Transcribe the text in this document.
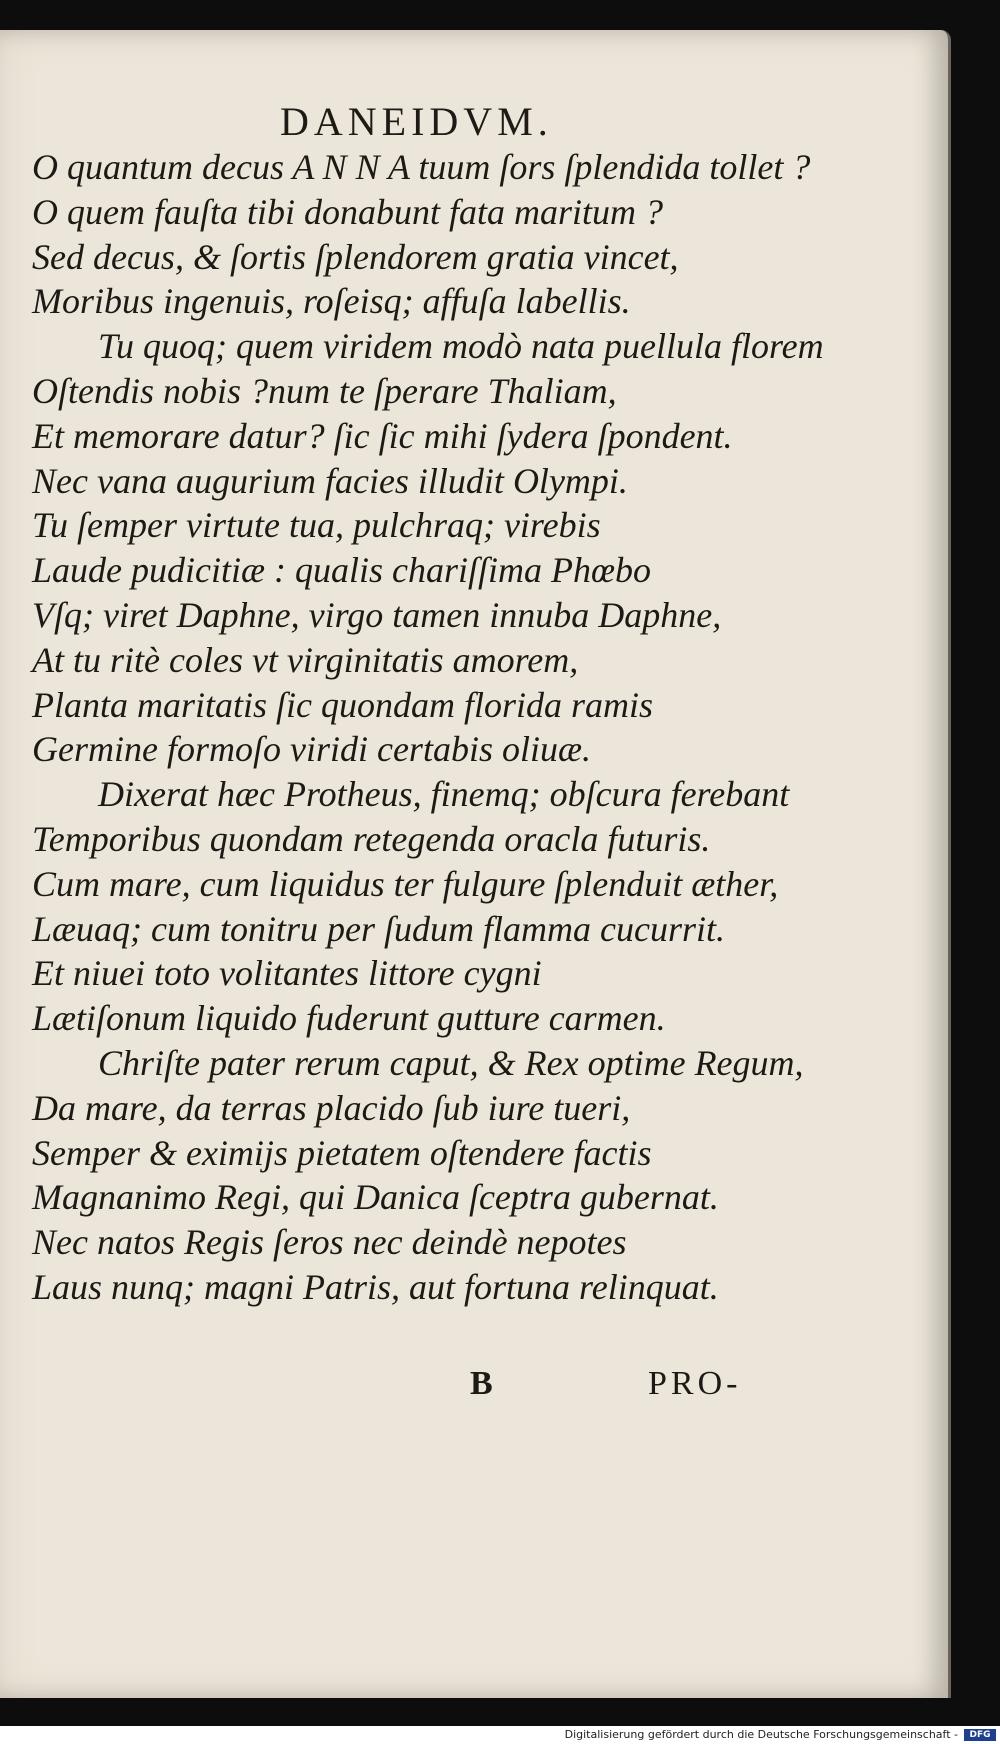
DANEIDVM.
O quantum decus A N N A tuum ſors ſplendida tollet ?
O quem fauſta tibi donabunt fata maritum ?
Sed decus, & ſortis ſplendorem gratia vincet,
Moribus ingenuis, roſeisq; affuſa labellis.
Tu quoq; quem viridem modò nata puellula florem
Oſtendis nobis ?num te ſperare Thaliam,
Et memorare datur? ſic ſic mihi ſydera ſpondent.
Nec vana augurium facies illudit Olympi.
Tu ſemper virtute tua, pulchraq; virebis
Laude pudicitiæ : qualis chariſſima Phœbo
Vſq; viret Daphne, virgo tamen innuba Daphne,
At tu ritè coles vt virginitatis amorem,
Planta maritatis ſic quondam florida ramis
Germine formoſo viridi certabis oliuæ.
Dixerat hæc Protheus, finemq; obſcura ferebant
Temporibus quondam retegenda oracla futuris.
Cum mare, cum liquidus ter fulgure ſplenduit æther,
Læuaq; cum tonitru per ſudum flamma cucurrit.
Et niuei toto volitantes littore cygni
Lætiſonum liquido fuderunt gutture carmen.
Chriſte pater rerum caput, & Rex optime Regum,
Da mare, da terras placido ſub iure tueri,
Semper & eximijs pietatem oſtendere factis
Magnanimo Regi, qui Danica ſceptra gubernat.
Nec natos Regis ſeros nec deindè nepotes
Laus nunq; magni Patris, aut fortuna relinquat.
B	PRO-
Digitalisierung gefördert durch die Deutsche Forschungsgemeinschaft -	DFG
